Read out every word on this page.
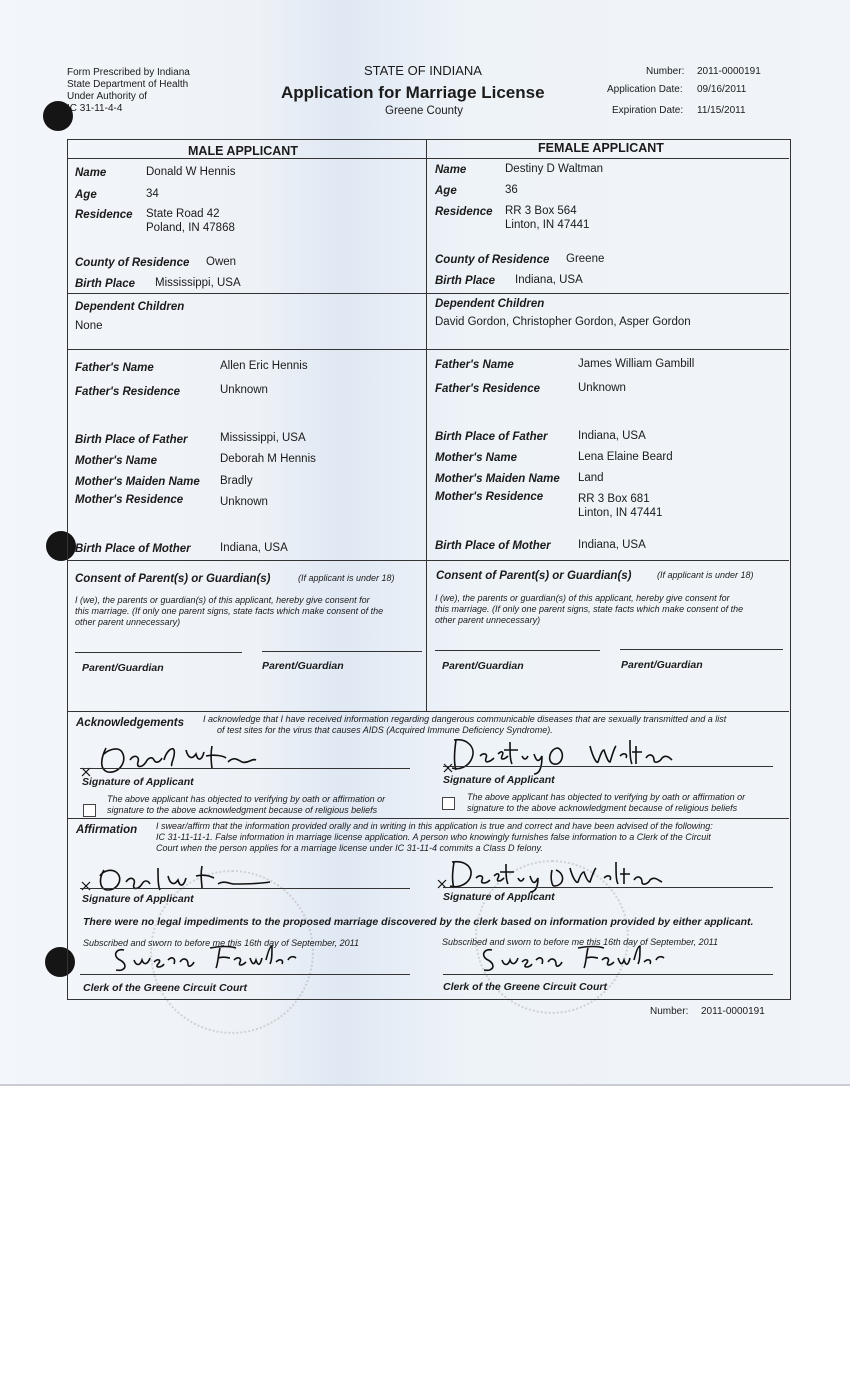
Form Prescribed by Indiana
State Department of Health
Under Authority of
IC 31-11-4-4
STATE OF INDIANA
Application for Marriage License
Greene County
Number: 2011-0000191
Application Date: 09/16/2011
Expiration Date: 11/15/2011
MALE APPLICANT	FEMALE APPLICANT
Name	Donald W Hennis
Age	34
Residence State Road 42
Poland, IN 47868
County of Residence Owen
Birth Place Mississippi, USA
Dependent Children
None
Father's Name	Allen Eric Hennis
Father's Residence	Unknown
Birth Place of Father	Mississippi, USA
Mother's Name	Deborah M Hennis
Mother's Maiden Name Bradly
Mother's Residence	Unknown
Birth Place of Mother	Indiana, USA
Name	Destiny D Waltman
Age	36
Residence RR 3 Box 564
Linton, IN 47441
County of Residence Greene
Birth Place Indiana, USA
Dependent Children
David Gordon, Christopher Gordon, Asper Gordon
Father's Name	James William Gambill
Father's Residence	Unknown
Birth Place of Father	Indiana, USA
Mother's Name	Lena Elaine Beard
Mother's Maiden Name Land
Mother's Residence	RR 3 Box 681
Linton, IN 47441
Birth Place of Mother Indiana, USA
Consent of Parent(s) or Guardian(s)	(If applicant is under 18)
I (we), the parents or guardian(s) of this applicant, hereby give consent for
this marriage. (If only one parent signs, state facts which make consent of the
other parent unnecessary)
Parent/Guardian	Parent/Guardian
Consent of Parent(s) or Guardian(s)	(If applicant is under 18)
I (we), the parents or guardian(s) of this applicant, hereby give consent for
this marriage. (If only one parent signs, state facts which make consent of the
other parent unnecessary)
Parent/Guardian	Parent/Guardian
Acknowledgements I acknowledge that I have received information regarding dangerous communicable diseases that are sexually transmitted and a list
of test sites for the virus that causes AIDS (Acquired Immune Deficiency Syndrome).
Signature of Applicant
The above applicant has objected to verifying by oath or affirmation or
signature to the above acknowledgment because of religious beliefs
Signature of Applicant
The above applicant has objected to verifying by oath or affirmation or
signature to the above acknowledgment because of religious beliefs
Affirmation I swear/affirm that the information provided orally and in writing in this application is true and correct and have been advised of the following:
IC 31-11-11-1. False information in marriage license application. A person who knowingly furnishes false information to a Clerk of the Circuit
Court when the person applies for a marriage license under IC 31-11-4 commits a Class D felony.
Signature of Applicant	Signature of Applicant
There were no legal impediments to the proposed marriage discovered by the clerk based on information provided by either applicant.
Subscribed and sworn to before me this 16th day of September, 2011	Subscribed and sworn to before me this 16th day of September, 2011
Clerk of the Greene Circuit Court	Clerk of the Greene Circuit Court
Number: 2011-0000191
